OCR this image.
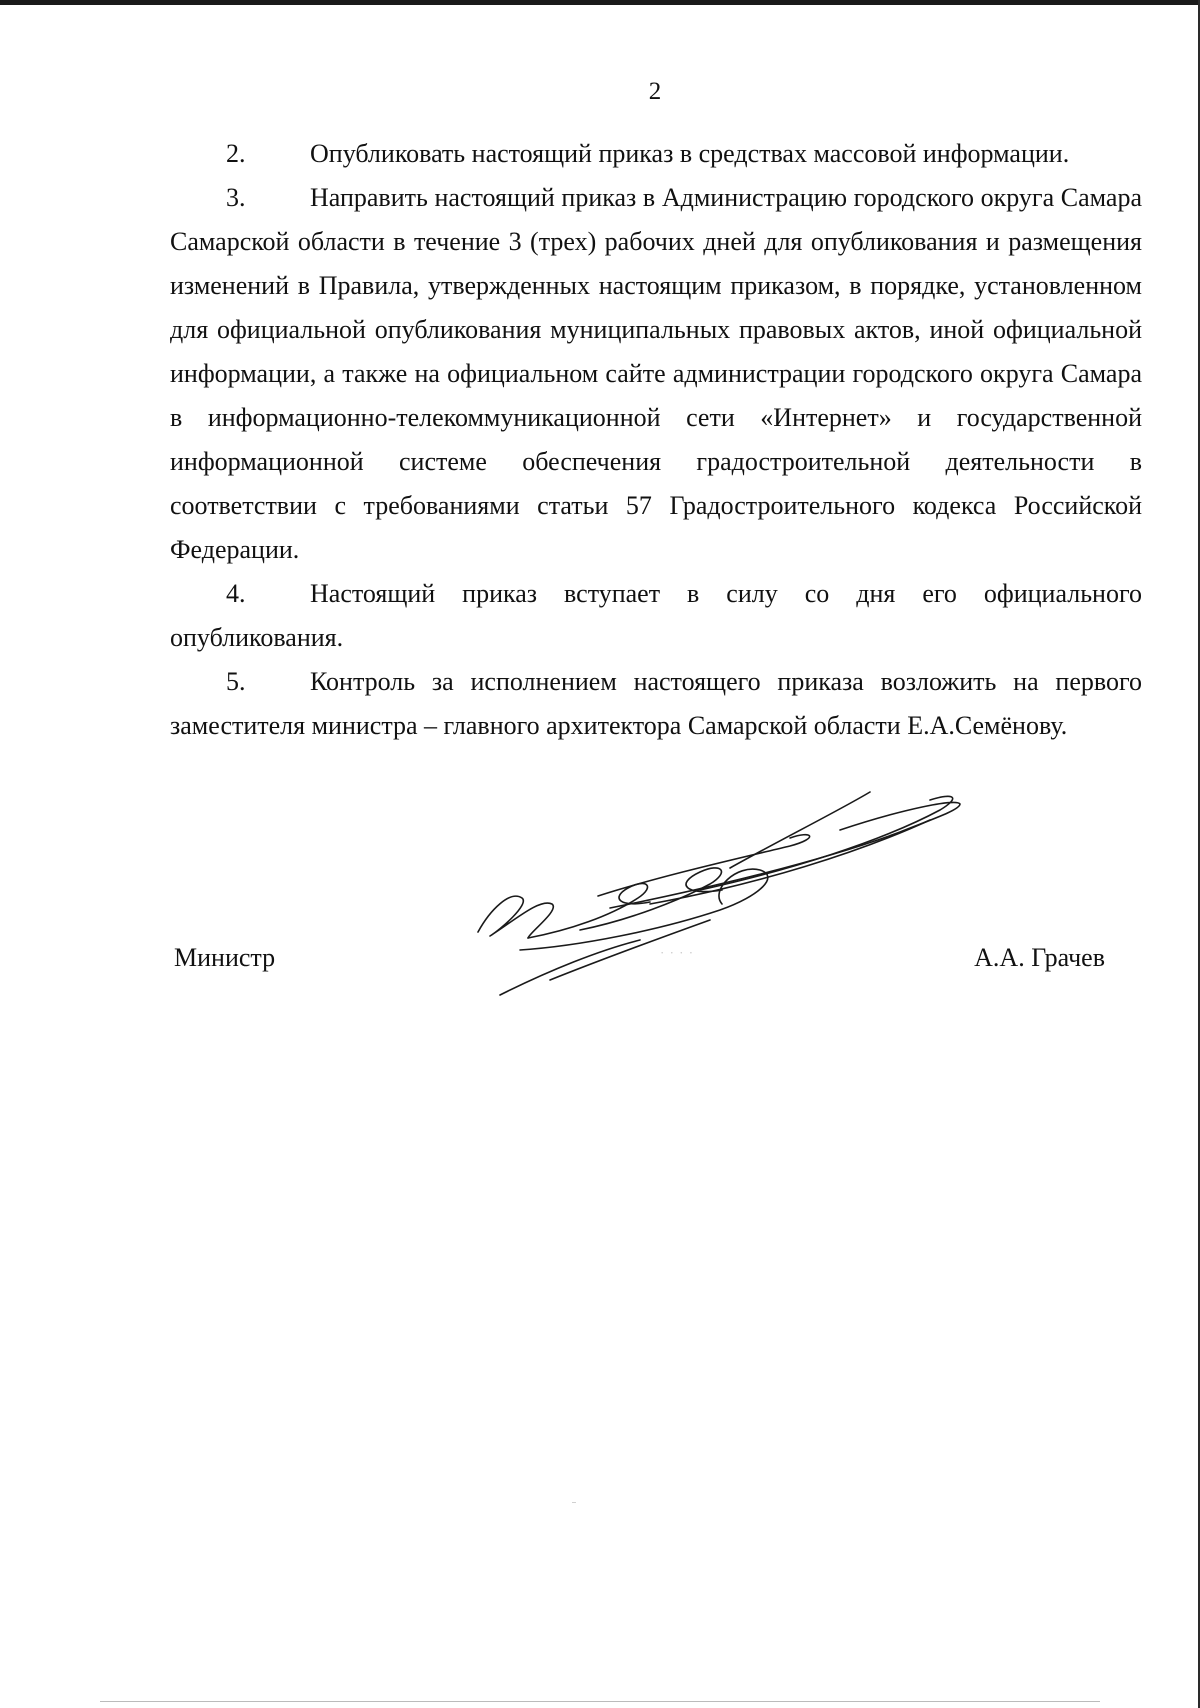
2

2. Опубликовать настоящий приказ в средствах массовой информации.

3. Направить настоящий приказ в Администрацию городского округа Самара Самарской области в течение 3 (трех) рабочих дней для опубликования и размещения изменений в Правила, утвержденных настоящим приказом, в порядке, установленном для официальной опубликования муниципальных правовых актов, иной официальной информации, а также на официальном сайте администрации городского округа Самара в информационно-телекоммуникационной сети «Интернет» и государственной информационной системе обеспечения градостроительной деятельности в соответствии с требованиями статьи 57 Градостроительного кодекса Российской Федерации.

4. Настоящий приказ вступает в силу со дня его официального опубликования.

5. Контроль за исполнением настоящего приказа возложить на первого заместителя министра – главного архитектора Самарской области Е.А.Семёнову.

Министр	· · · ·	А.А. Грачев
